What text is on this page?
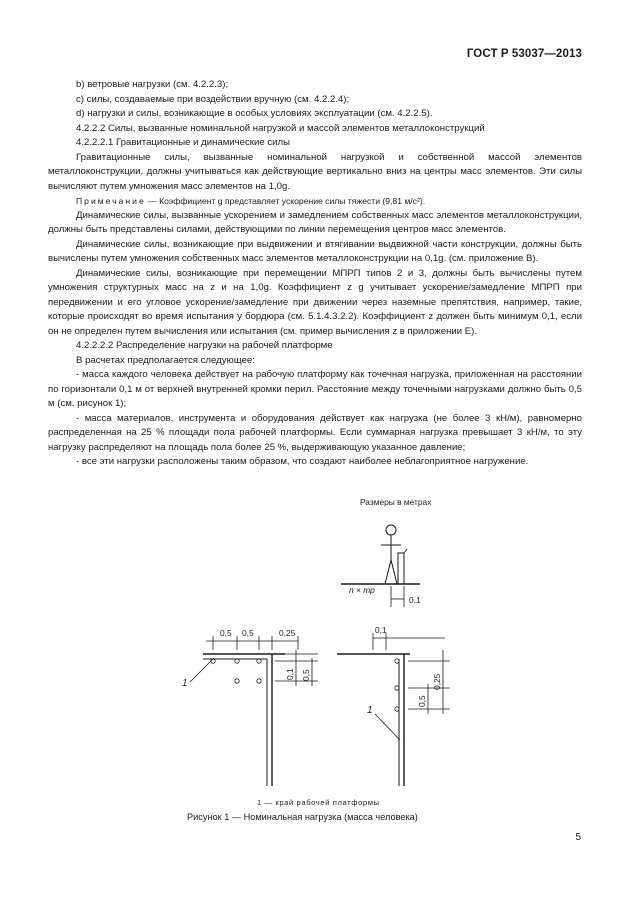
ГОСТ Р 53037—2013

b) ветровые нагрузки (см. 4.2.2.3);

c) силы, создаваемые при воздействии вручную (см. 4.2.2.4);

d) нагрузки и силы, возникающие в особых условиях эксплуатации (см. 4.2.2.5).

4.2.2.2 Силы, вызванные номинальной нагрузкой и массой элементов металлоконструкций

4.2.2.2.1 Гравитационные и динамические силы

Гравитационные силы, вызванные номинальной нагрузкой и собственной массой элементов металлоконструкции, должны учитываться как действующие вертикально вниз на центры масс элементов. Эти силы вычисляют путем умножения масс элементов на 1,0g.

Примечание — Коэффициент g представляет ускорение силы тяжести (9,81 м/с²).

Динамические силы, вызванные ускорением и замедлением собственных масс элементов металлоконструкции, должны быть представлены силами, действующими по линии перемещения центров масс элементов.

Динамические силы, возникающие при выдвижении и втягивании выдвижной части конструкции, должны быть вычислены путем умножения собственных масс элементов металлоконструкции на 0,1g. (см. приложение В).

Динамические силы, возникающие при перемещении МПРП типов 2 и 3, должны быть вычислены путем умножения структурных масс на z и на 1,0g. Коэффициент z g учитывает ускорение/замедление МПРП при передвижении и его угловое ускорение/замедление при движении через наземные препятствия, например, такие, которые происходят во время испытания у бордюра (см. 5.1.4.3.2.2). Коэффициент z должен быть минимум 0,1, если он не определен путем вычисления или испытания (см. пример вычисления z в приложении Е).

4.2.2.2.2 Распределение нагрузки на рабочей платформе

В расчетах предполагается следующее:

- масса каждого человека действует на рабочую платформу как точечная нагрузка, приложенная на расстоянии по горизонтали 0,1 м от верхней внутренней кромки перил. Расстояние между точечными нагрузками должно быть 0,5 м (см. рисунок 1);

- масса материалов, инструмента и оборудования действует как нагрузка (не более 3 кН/м), равномерно распределенная на 25 % площади пола рабочей платформы. Если суммарная нагрузка превышает 3 кН/м, то эту нагрузку распределяют на площадь пола более 25 %, выдерживающую указанное давление;

- все эти нагрузки расположены таким образом, что создают наиболее неблагоприятное нагружение.

Размеры в метрах
n × mp
0,1
0,5 0,5	0,25
0,1 0,5
1
0,1
0,25
0,5
1
1 — край рабочей платформы
Рисунок 1 — Номинальная нагрузка (масса человека)
5
